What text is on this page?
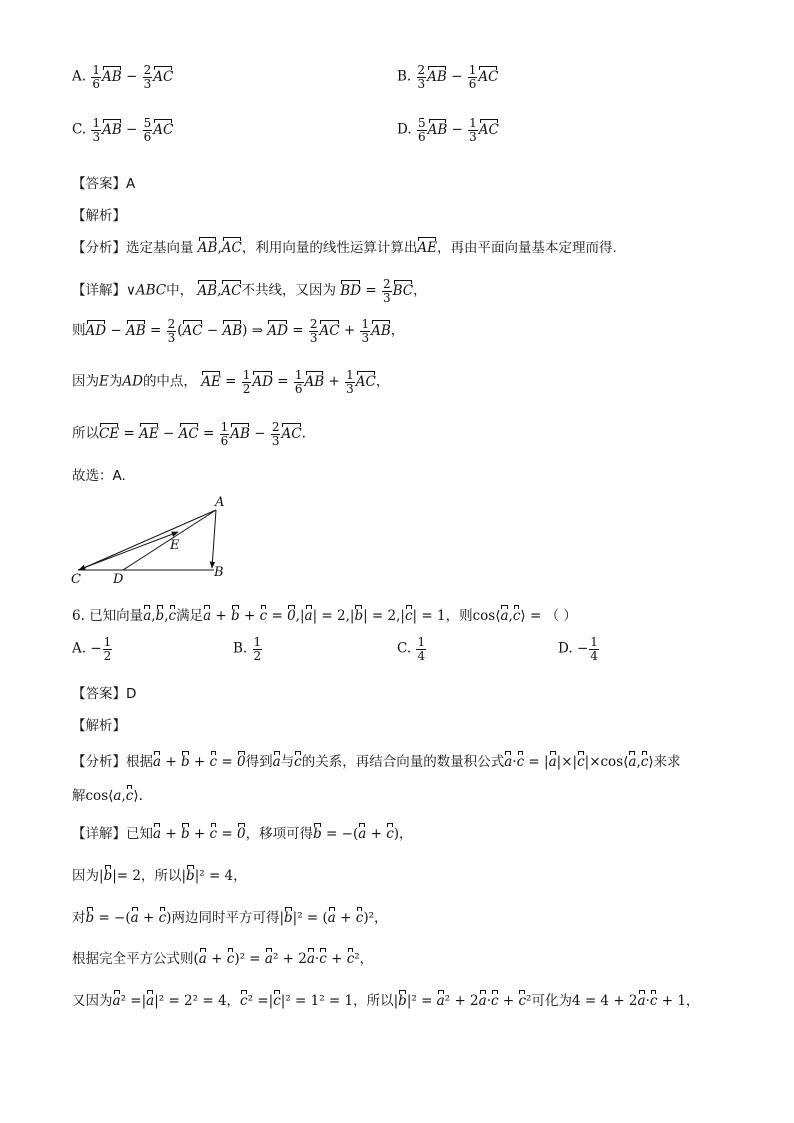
A. $\frac{1}{6}$ AB − $\frac{2}{3}$ AC	B. $\frac{2}{3}$ AB − $\frac{1}{6}$ AC
C. $\frac{1}{3}$ AB − $\frac{5}{6}$ AC	D. $\frac{5}{6}$ AB − $\frac{1}{3}$ AC
【答案】A
【解析】
【分析】选定基向量 AB,AC，利用向量的线性运算计算出AE，再由平面向量基本定理而得.
【详解】∨ABC中， AB,AC不共线，又因为 BD = $\frac{2}{3}$ BC，
则AD − AB = $\frac{2}{3} (AC - AB)$ ⇒ AD = $\frac{2}{3}$ AC + $\frac{1}{3}$ AB，
因为E为AD的中点， AE = $\frac{1}{2}$ AD = $\frac{1}{6}$ AB + $\frac{1}{3}$ AC，
所以CE = AE − AC = $\frac{1}{6}$ AB − $\frac{2}{3}$ AC.
故选：A.
A
E
C D	B
6. 已知向量a,b,c满足a + b + c = 0,|a| = 2,|b| = 2,|c| = 1，则cos⟨a,c⟩ = （ ）
A. − $\frac{1}{2}$	B. $\frac{1}{2}$	C. $\frac{1}{4}$	D. − $\frac{1}{4}$
【答案】D
【解析】
【分析】根据a + b + c = 0得到a与c的关系，再结合向量的数量积公式a·c = |a|×|c|×cos⟨a,c⟩来求
解cos⟨a,c⟩.
【详解】已知a + b + c = 0，移项可得b = −(a + c)，
因为|b|= 2，所以|b|² = 4，
对b = −(a + c)两边同时平方可得|b|² = (a + c)²，
根据完全平方公式则(a + c)² = a² + 2a·c + c²，
又因为a² =|a|² = 2² = 4，c² =|c|² = 1² = 1，所以|b|² = a² + 2a·c + c²可化为4 = 4 + 2a·c + 1，
